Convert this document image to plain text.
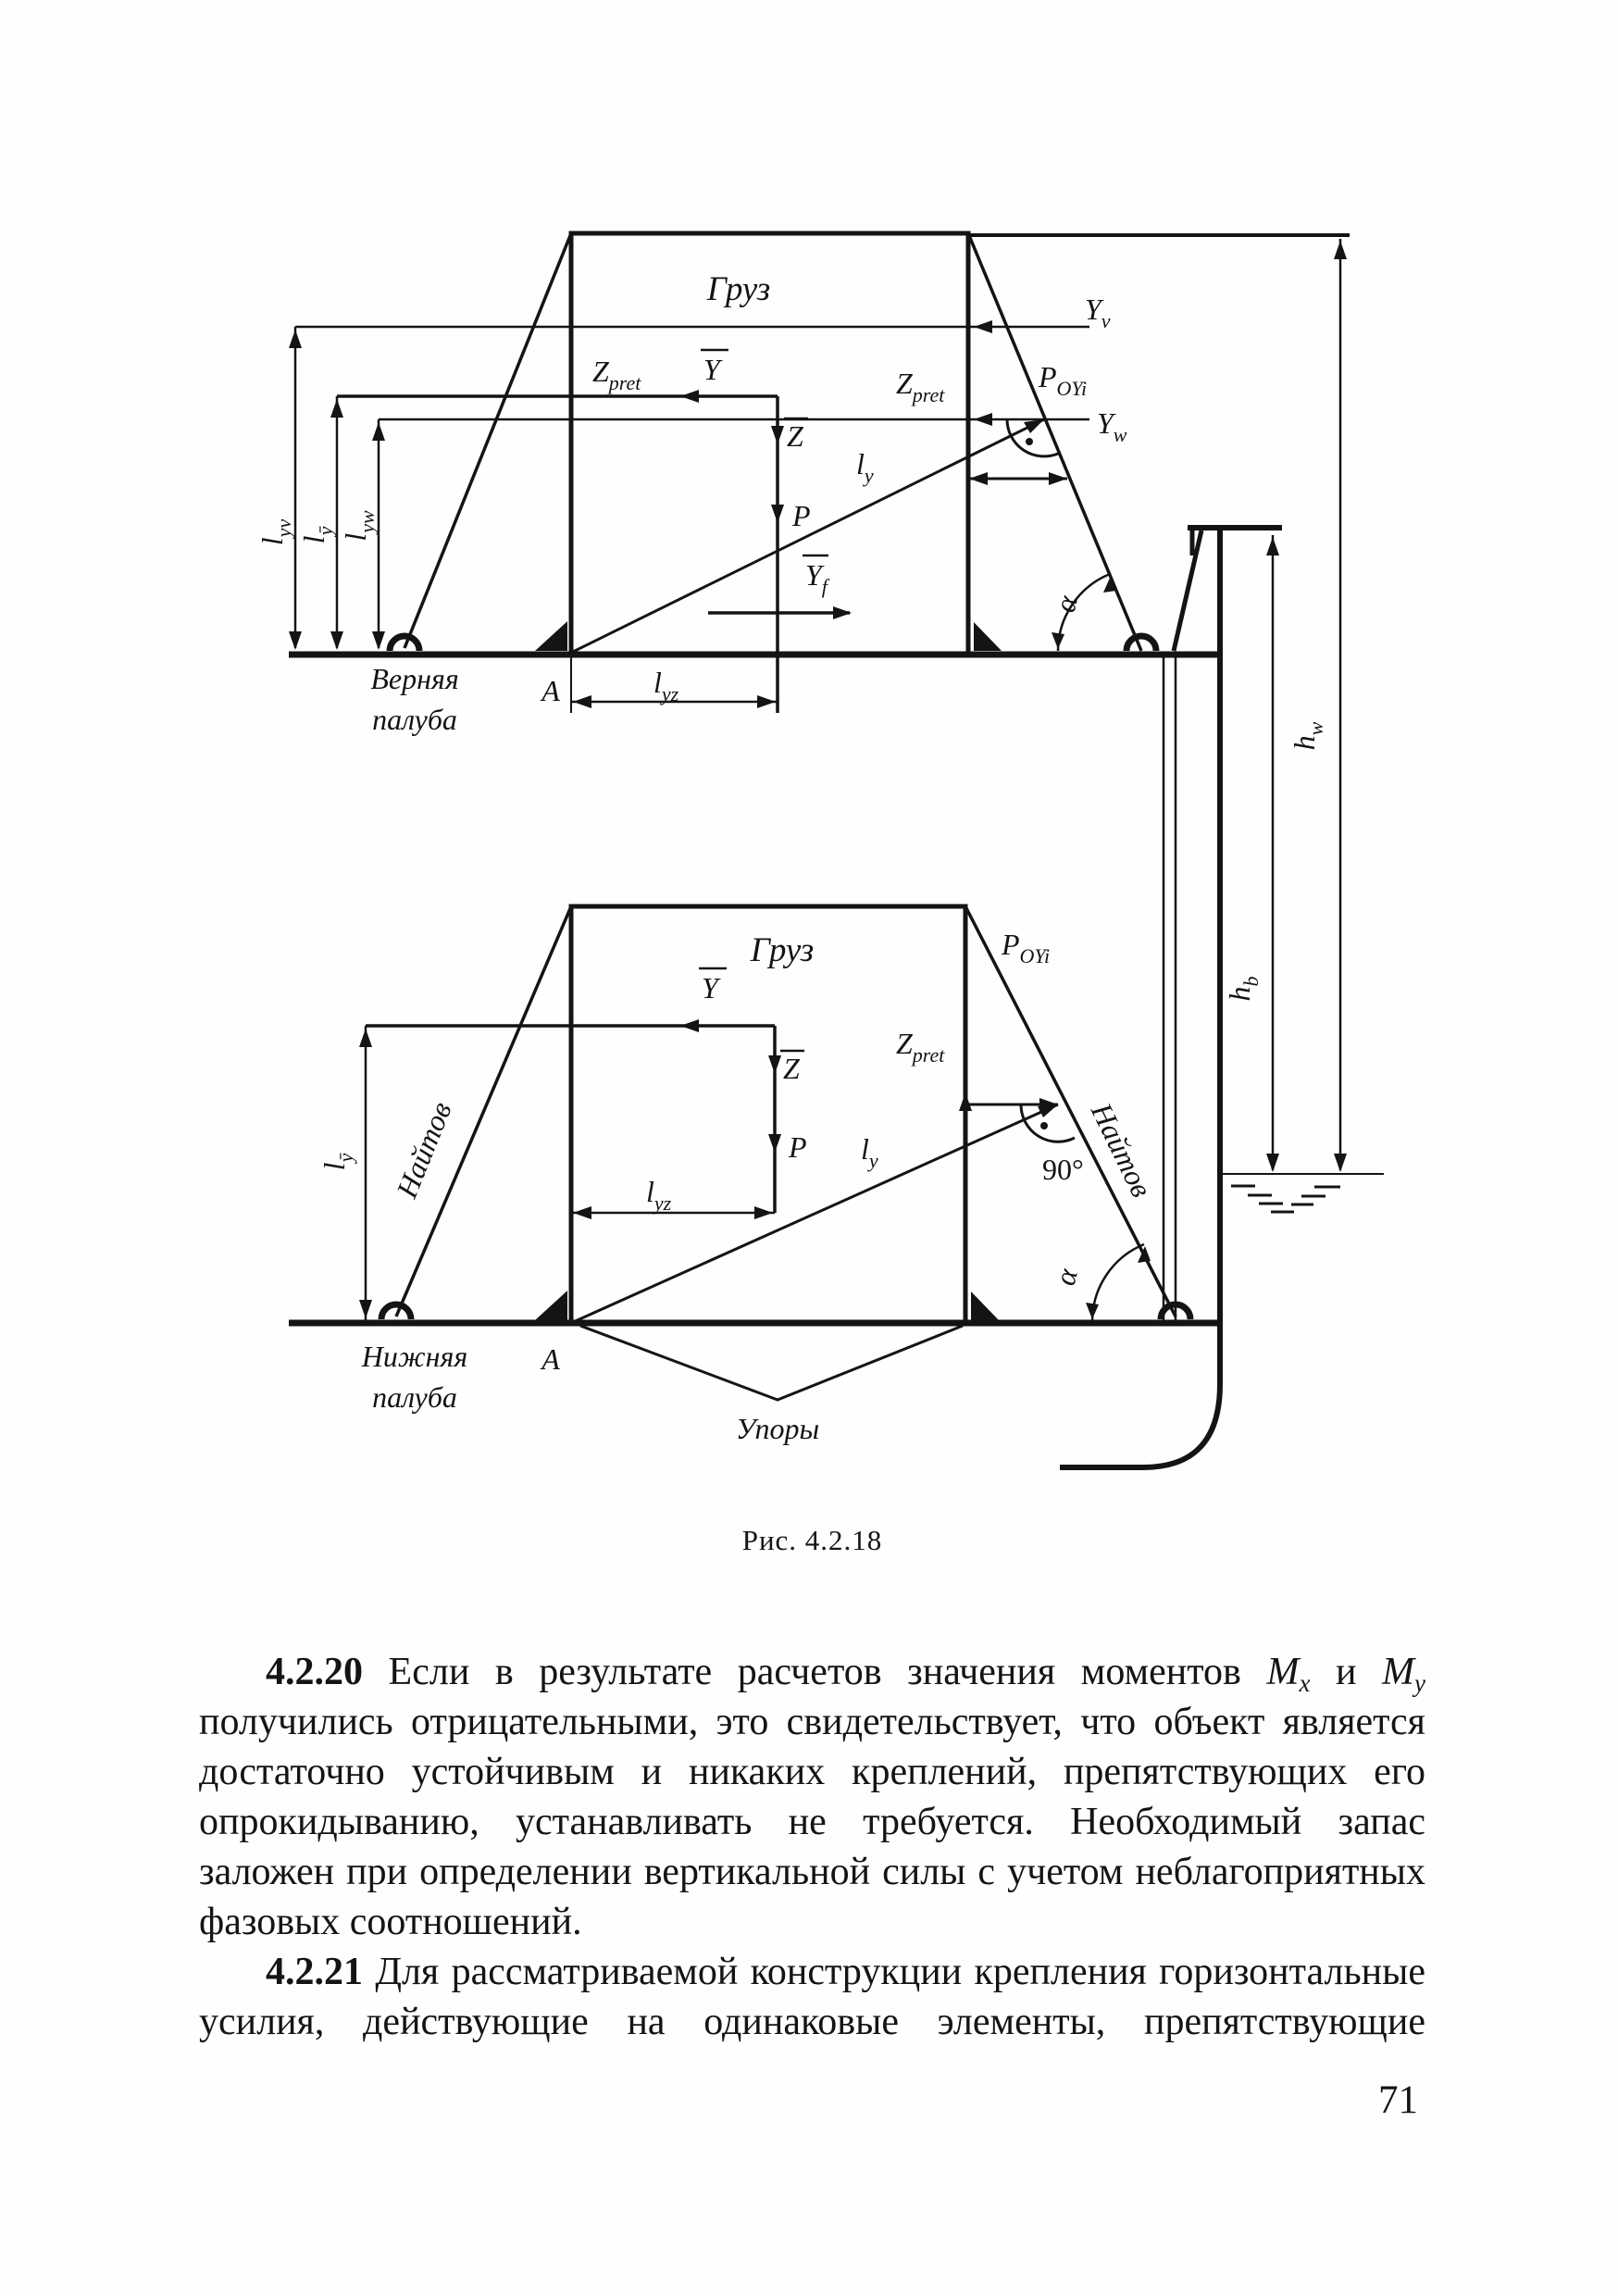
Груз
$Y_v$
$Z_{pret}$ Y	$Z_{pret}$
$P_{OYi}$
$Y_w$
Z
$l_y$
P
$Y_f$
$l_{yv}$
$l_ȳ$
$l_{yw}$
Верняя
палуба
A	$l_{yz}$
α
$h_w$
$h_b$
Груз
Y
Найтов
$l_ȳ$
Z
$Z_{pret}$
$P_{OYi}$
P $l_y$	Найтов
90°
α
$l_{yz}$
Нижняя
палуба
A
Упоры
Рис. 4.2.18
4.2.20 Если в результате расчетов значения моментов Mx и My
получились отрицательными, это свидетельствует, что объект является
достаточно устойчивым и никаких креплений, препятствующих его
опрокидыванию, устанавливать не требуется. Необходимый запас
заложен при определении вертикальной силы с учетом неблагоприятных
фазовых соотношений.
4.2.21 Для рассматриваемой конструкции крепления горизонтальные
усилия, действующие на одинаковые элементы, препятствующие
71
